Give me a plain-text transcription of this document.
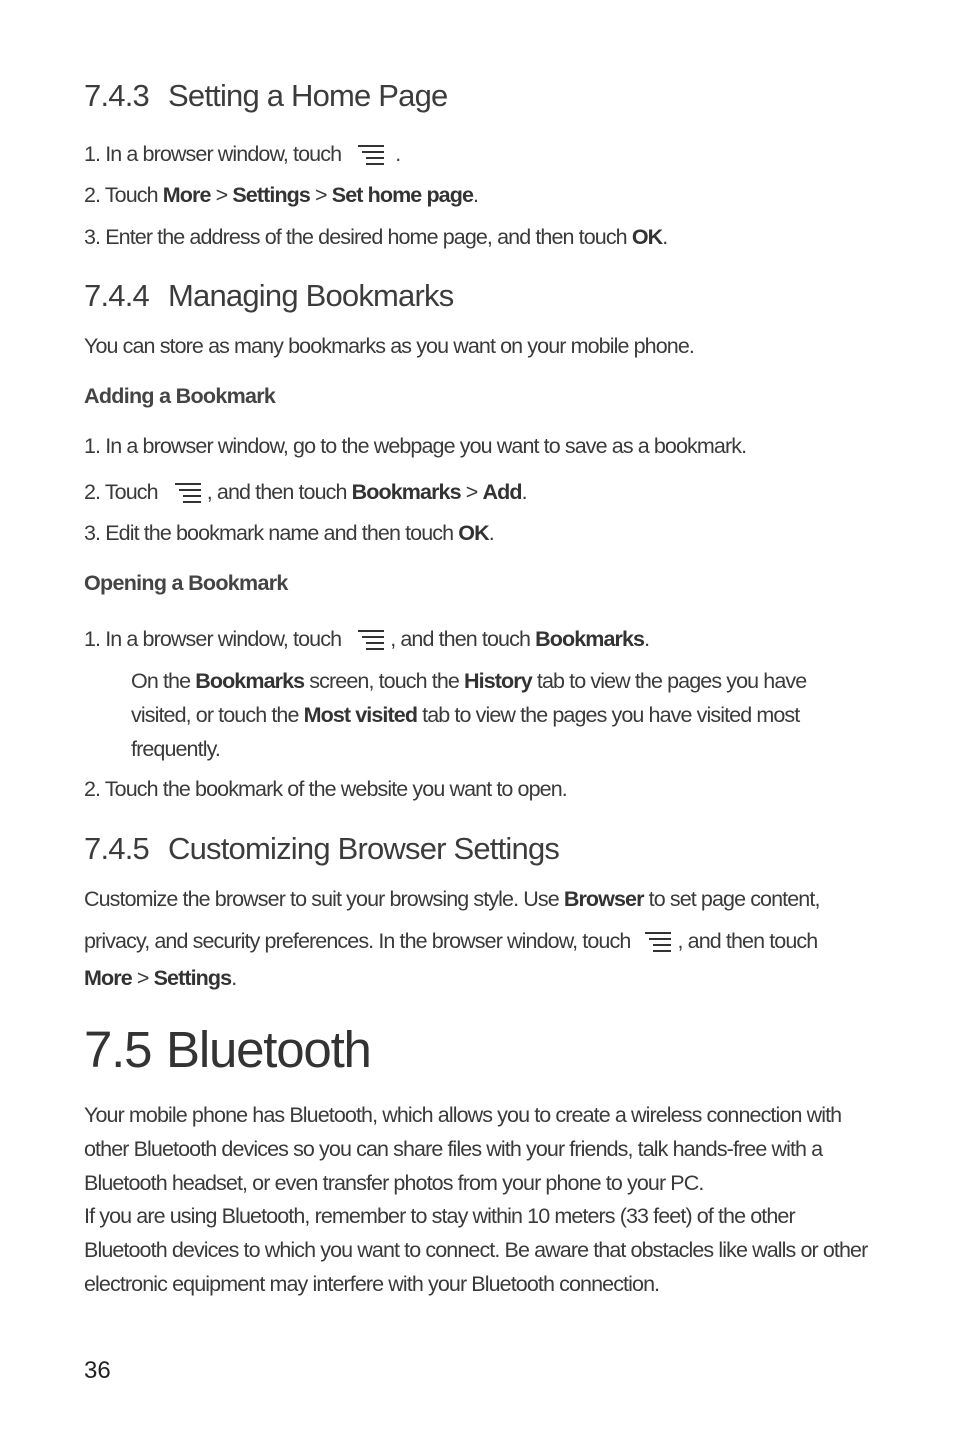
7.4.3 Setting a Home Page
1. In a browser window, touch	.
2. Touch More > Settings > Set home page.
3. Enter the address of the desired home page, and then touch OK.
7.4.4 Managing Bookmarks
You can store as many bookmarks as you want on your mobile phone.
Adding a Bookmark
1. In a browser window, go to the webpage you want to save as a bookmark.
2. Touch , and then touch Bookmarks > Add.
3. Edit the bookmark name and then touch OK.
Opening a Bookmark
1. In a browser window, touch , and then touch Bookmarks.
On the Bookmarks screen, touch the History tab to view the pages you have visited, or touch the Most visited tab to view the pages you have visited most frequently.
2. Touch the bookmark of the website you want to open.
7.4.5 Customizing Browser Settings
Customize the browser to suit your browsing style. Use Browser to set page content,
privacy, and security preferences. In the browser window, touch , and then touch
More > Settings.
7.5 Bluetooth
Your mobile phone has Bluetooth, which allows you to create a wireless connection with other Bluetooth devices so you can share files with your friends, talk hands-free with a Bluetooth headset, or even transfer photos from your phone to your PC.
If you are using Bluetooth, remember to stay within 10 meters (33 feet) of the other Bluetooth devices to which you want to connect. Be aware that obstacles like walls or other electronic equipment may interfere with your Bluetooth connection.
36
